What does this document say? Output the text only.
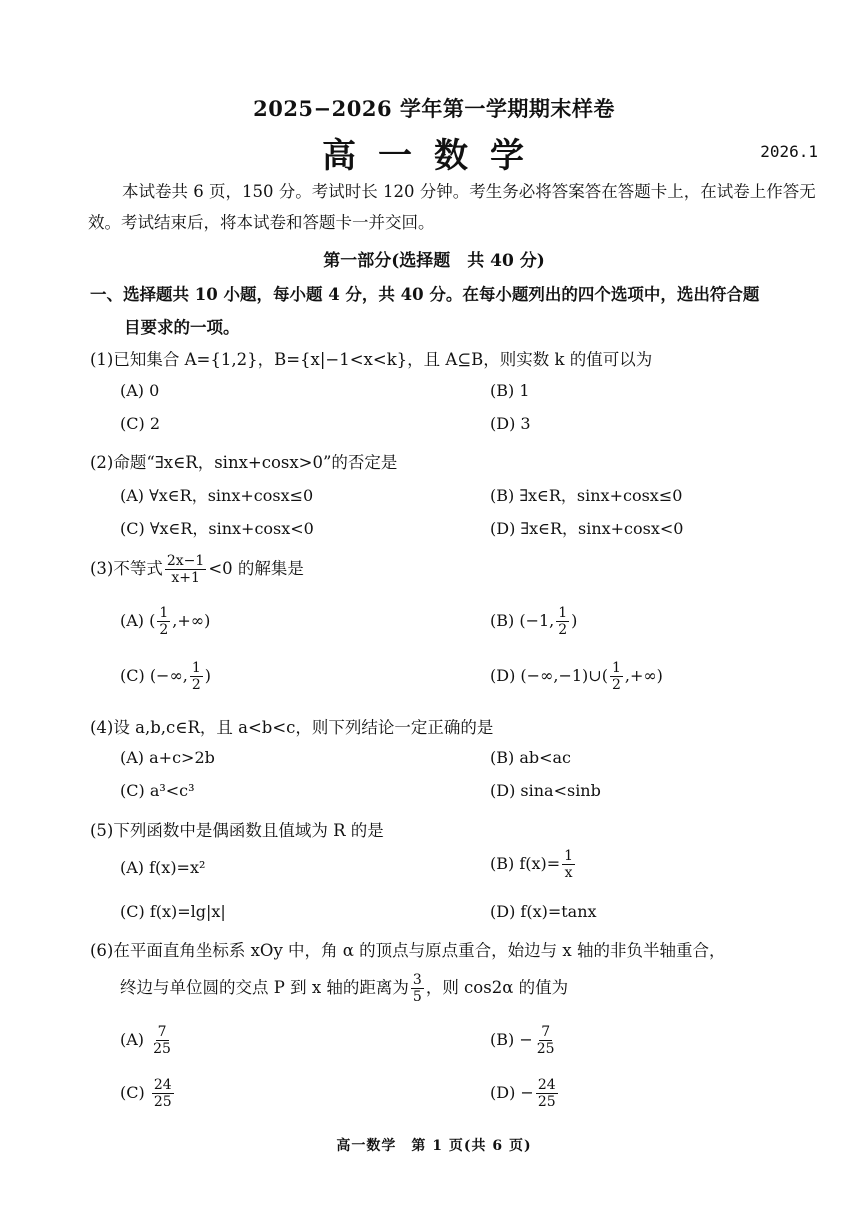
2025−2026 学年第一学期期末样卷
高一数学	2026.1
本试卷共 6 页，150 分。考试时长 120 分钟。考生务必将答案答在答题卡上，在试卷上作答无效。考试结束后，将本试卷和答题卡一并交回。
第一部分(选择题　共 40 分)
一、选择题共 10 小题，每小题 4 分，共 40 分。在每小题列出的四个选项中，选出符合题
目要求的一项。
(1)已知集合 A={1,2}，B={x|−1<x<k}，且 A⊆B，则实数 k 的值可以为
(A) 0	(B) 1
(C) 2	(D) 3
(2)命题“∃x∈R，sinx+cosx>0”的否定是
(A) ∀x∈R，sinx+cosx≤0	(B) ∃x∈R，sinx+cosx≤0
(C) ∀x∈R，sinx+cosx<0	(D) ∃x∈R，sinx+cosx<0
(3)不等式 $\frac{2x-1}{x+1} <0$ 的解集是
(A) ( $\frac{1}{2}$ ,+∞)	(B) (−1, $\frac{1}{2}$ )
(C) (−∞, $\frac{1}{2}$ )	(D) (−∞,−1)∪( $\frac{1}{2}$ ,+∞)
(4)设 a,b,c∈R，且 a<b<c，则下列结论一定正确的是
(A) a+c>2b	(B) ab<ac
(C) a³<c³	(D) sina<sinb
(5)下列函数中是偶函数且值域为 R 的是
(A) f(x)=x²	(B) $f(x)= \frac{1}{x}$
(C) f(x)=lg|x|	(D) f(x)=tanx
(6)在平面直角坐标系 xOy 中，角 α 的顶点与原点重合，始边与 x 轴的非负半轴重合，
终边与单位圆的交点 P 到 x 轴的距离为 $\frac{3}{5}$ ，则 cos2α 的值为
$(A) \frac{7}{25}$	$(B) - \frac{7}{25}$
$(C) \frac{24}{25}$	$(D) - \frac{24}{25}$
高一数学　第 1 页(共 6 页)
